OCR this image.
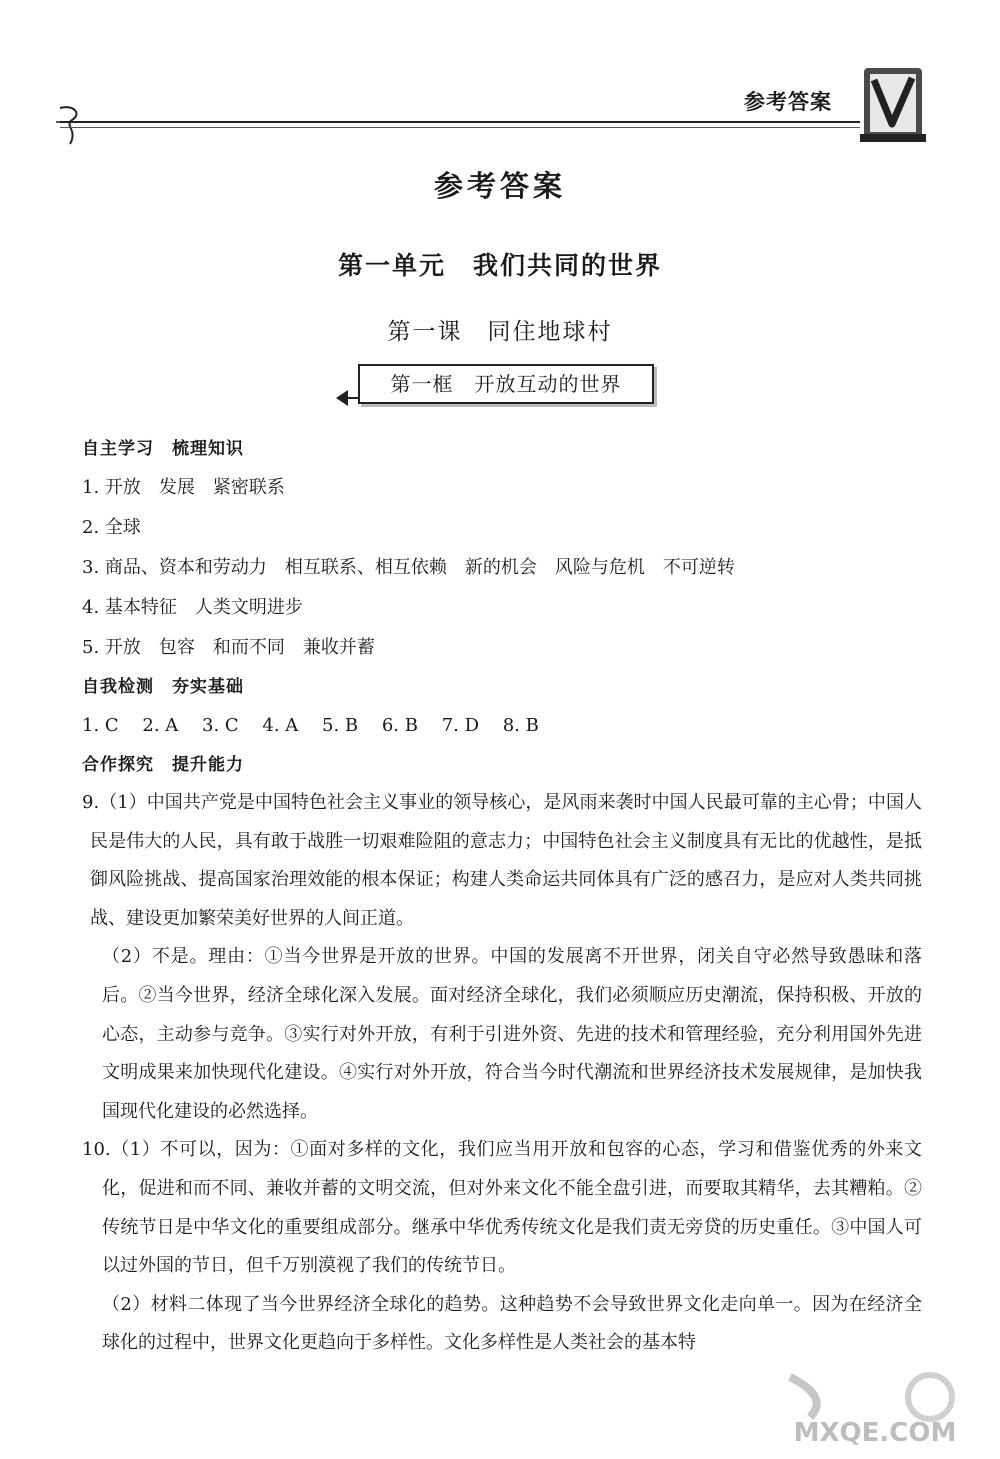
参考答案
参考答案
第一单元　我们共同的世界
第一课　同住地球村
第一框　开放互动的世界
自主学习　梳理知识
1. 开放　发展　紧密联系
2. 全球
3. 商品、资本和劳动力　相互联系、相互依赖　新的机会　风险与危机　不可逆转
4. 基本特征　人类文明进步
5. 开放　包容　和而不同　兼收并蓄
自我检测　夯实基础
1. C　 2. A　 3. C　 4. A　 5. B　 6. B　 7. D　 8. B
合作探究　提升能力

9.（1）中国共产党是中国特色社会主义事业的领导核心，是风雨来袭时中国人民最可靠的主心骨；中国人民是伟大的人民，具有敢于战胜一切艰难险阻的意志力；中国特色社会主义制度具有无比的优越性，是抵御风险挑战、提高国家治理效能的根本保证；构建人类命运共同体具有广泛的感召力，是应对人类共同挑战、建设更加繁荣美好世界的人间正道。

（2）不是。理由：①当今世界是开放的世界。中国的发展离不开世界，闭关自守必然导致愚昧和落后。②当今世界，经济全球化深入发展。面对经济全球化，我们必须顺应历史潮流，保持积极、开放的心态，主动参与竞争。③实行对外开放，有利于引进外资、先进的技术和管理经验，充分利用国外先进文明成果来加快现代化建设。④实行对外开放，符合当今时代潮流和世界经济技术发展规律，是加快我国现代化建设的必然选择。

10.（1）不可以，因为：①面对多样的文化，我们应当用开放和包容的心态，学习和借鉴优秀的外来文化，促进和而不同、兼收并蓄的文明交流，但对外来文化不能全盘引进，而要取其精华，去其糟粕。②传统节日是中华文化的重要组成部分。继承中华优秀传统文化是我们责无旁贷的历史重任。③中国人可以过外国的节日，但千万别漠视了我们的传统节日。

（2）材料二体现了当今世界经济全球化的趋势。这种趋势不会导致世界文化走向单一。因为在经济全球化的过程中，世界文化更趋向于多样性。文化多样性是人类社会的基本特

MXQE.COM
